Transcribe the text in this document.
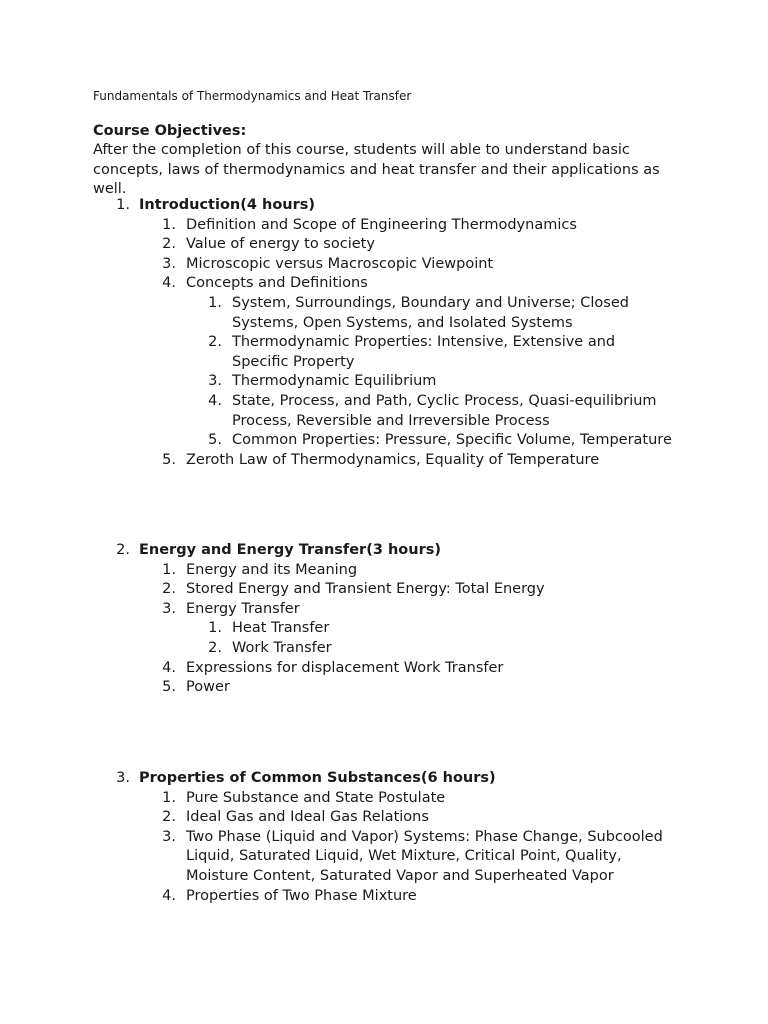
Fundamentals of Thermodynamics and Heat Transfer
Course Objectives:

After the completion of this course, students will able to understand basic concepts, laws of thermodynamics and heat transfer and their applications as well.

1. Introduction(4 hours)
1. Definition and Scope of Engineering Thermodynamics
2. Value of energy to society
3. Microscopic versus Macroscopic Viewpoint
4. Concepts and Definitions
1. System, Surroundings, Boundary and Universe; Closed Systems, Open Systems, and Isolated Systems
2. Thermodynamic Properties: Intensive, Extensive and Specific Property
3. Thermodynamic Equilibrium
4. State, Process, and Path, Cyclic Process, Quasi-equilibrium Process, Reversible and Irreversible Process
5. Common Properties: Pressure, Specific Volume, Temperature
5. Zeroth Law of Thermodynamics, Equality of Temperature
2. Energy and Energy Transfer(3 hours)
1. Energy and its Meaning
2. Stored Energy and Transient Energy: Total Energy
3. Energy Transfer
1. Heat Transfer
2. Work Transfer
4. Expressions for displacement Work Transfer
5. Power
3. Properties of Common Substances(6 hours)
1. Pure Substance and State Postulate
2. Ideal Gas and Ideal Gas Relations
3. Two Phase (Liquid and Vapor) Systems: Phase Change, Subcooled Liquid, Saturated Liquid, Wet Mixture, Critical Point, Quality, Moisture Content, Saturated Vapor and Superheated Vapor
4. Properties of Two Phase Mixture
